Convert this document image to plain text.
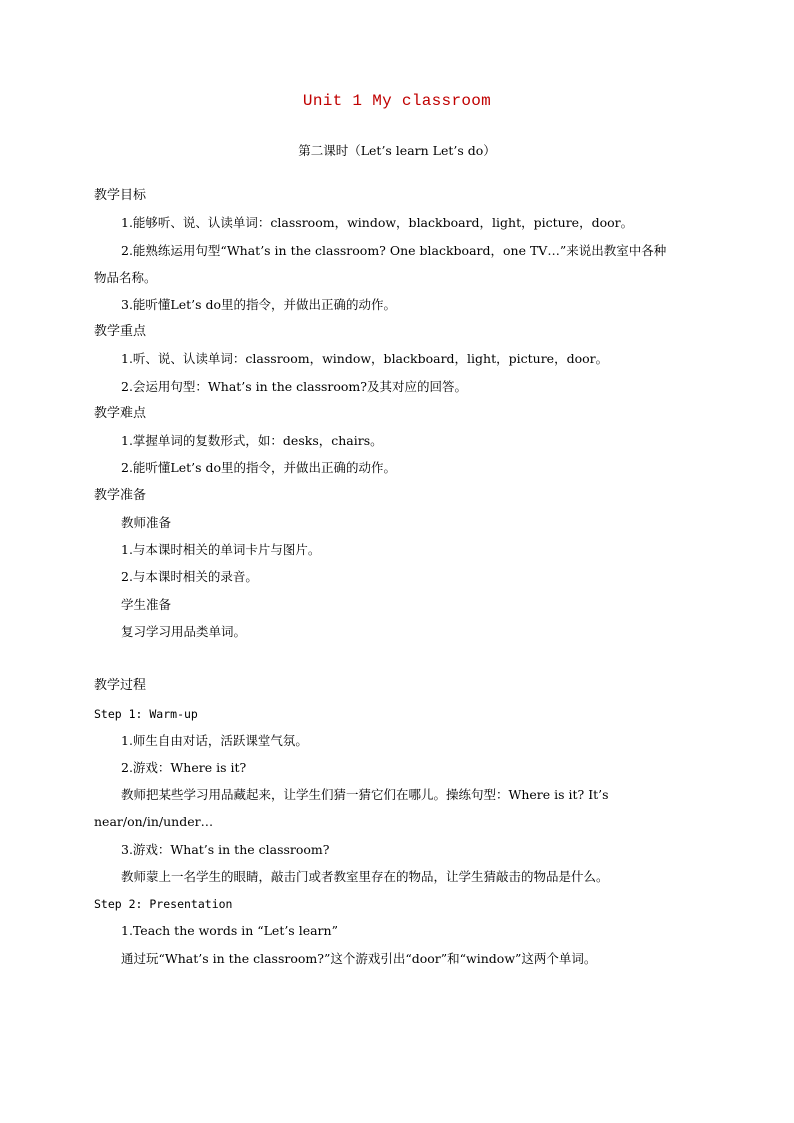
Unit 1 My classroom
第二课时（Let’s learn Let’s do）
教学目标
1.能够听、说、认读单词：classroom，window，blackboard，light，picture，door。
2.能熟练运用句型“What’s in the classroom? One blackboard，one TV…”来说出教室中各种
物品名称。
3.能听懂Let’s do里的指令，并做出正确的动作。
教学重点
1.听、说、认读单词：classroom，window，blackboard，light，picture，door。
2.会运用句型：What’s in the classroom?及其对应的回答。
教学难点
1.掌握单词的复数形式，如：desks，chairs。
2.能听懂Let’s do里的指令，并做出正确的动作。
教学准备
教师准备
1.与本课时相关的单词卡片与图片。
2.与本课时相关的录音。
学生准备
复习学习用品类单词。
教学过程
Step 1: Warm-up
1.师生自由对话，活跃课堂气氛。
2.游戏：Where is it?
教师把某些学习用品藏起来，让学生们猜一猜它们在哪儿。操练句型：Where is it? It’s
near/on/in/under…
3.游戏：What’s in the classroom?
教师蒙上一名学生的眼睛，敲击门或者教室里存在的物品，让学生猜敲击的物品是什么。
Step 2: Presentation
1.Teach the words in “Let’s learn”
通过玩“What’s in the classroom?”这个游戏引出“door”和“window”这两个单词。
